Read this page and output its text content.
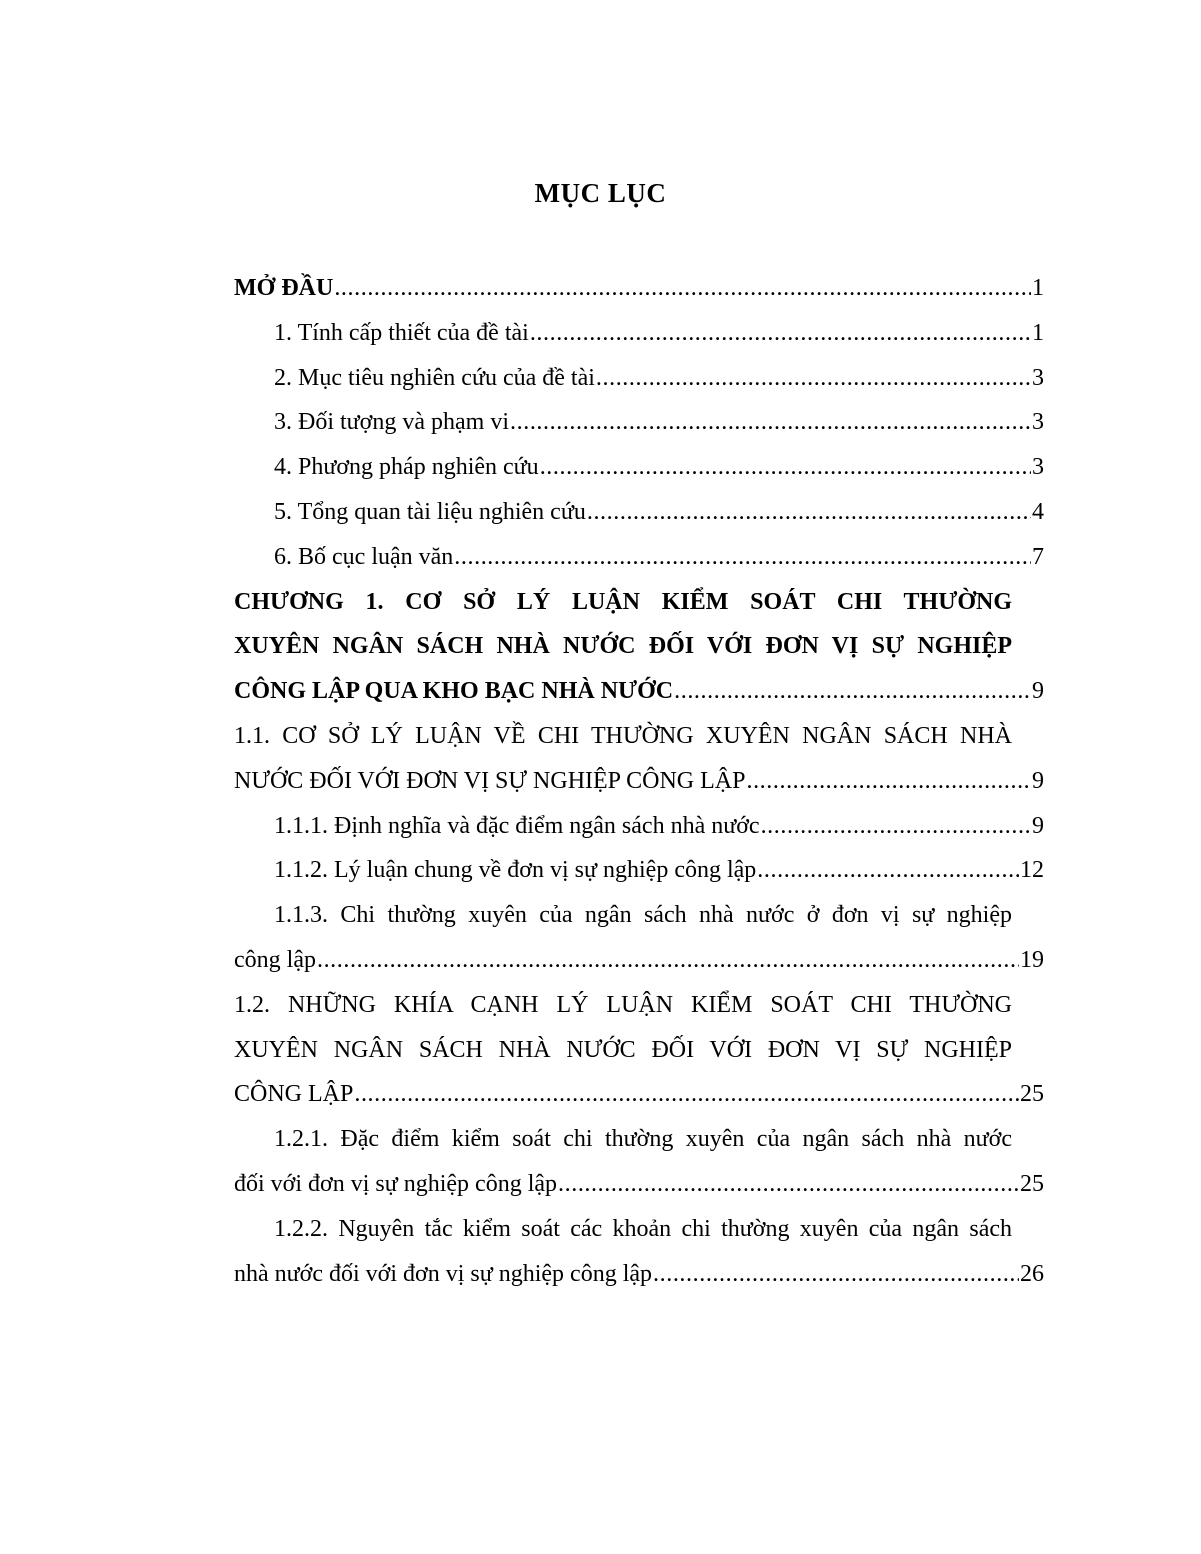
MỤC LỤC
MỞ ĐẦU .....	1
1. Tính cấp thiết của đề tài .....	1
2. Mục tiêu nghiên cứu của đề tài .....	3
3. Đối tượng và phạm vi .....	3
4. Phương pháp nghiên cứu .....	3
5. Tổng quan tài liệu nghiên cứu .....	4
6. Bố cục luận văn .....	7
CHƯƠNG 1. CƠ SỞ LÝ LUẬN KIỂM SOÁT CHI THƯỜNG
XUYÊN NGÂN SÁCH NHÀ NƯỚC ĐỐI VỚI ĐƠN VỊ SỰ NGHIỆP
CÔNG LẬP QUA KHO BẠC NHÀ NƯỚC .....	9
1.1. CƠ SỞ LÝ LUẬN VỀ CHI THƯỜNG XUYÊN NGÂN SÁCH NHÀ
NƯỚC ĐỐI VỚI ĐƠN VỊ SỰ NGHIỆP CÔNG LẬP .....	9
1.1.1. Định nghĩa và đặc điểm ngân sách nhà nước .....	9
1.1.2. Lý luận chung về đơn vị sự nghiệp công lập .....	12
1.1.3. Chi thường xuyên của ngân sách nhà nước ở đơn vị sự nghiệp
công lập .....	19
1.2. NHỮNG KHÍA CẠNH LÝ LUẬN KIỂM SOÁT CHI THƯỜNG
XUYÊN NGÂN SÁCH NHÀ NƯỚC ĐỐI VỚI ĐƠN VỊ SỰ NGHIỆP
CÔNG LẬP .....	25
1.2.1. Đặc điểm kiểm soát chi thường xuyên của ngân sách nhà nước
đối với đơn vị sự nghiệp công lập .....	25
1.2.2. Nguyên tắc kiểm soát các khoản chi thường xuyên của ngân sách
nhà nước đối với đơn vị sự nghiệp công lập .....	26
